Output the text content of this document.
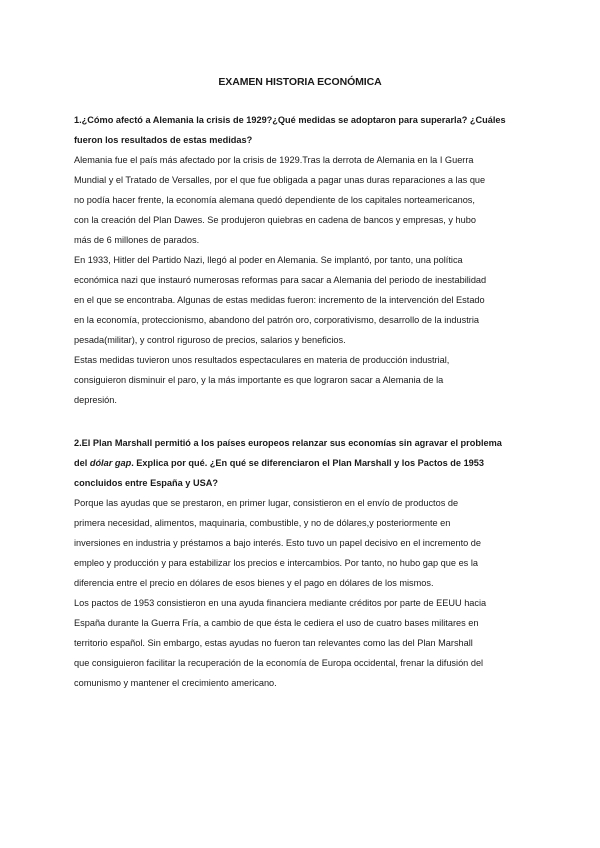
EXAMEN HISTORIA ECONÓMICA
1.¿Cómo afectó a Alemania la crisis de 1929?¿Qué medidas se adoptaron para superarla? ¿Cuáles
fueron los resultados de estas medidas?
Alemania fue el país más afectado por la crisis de 1929.Tras la derrota de Alemania en la I Guerra
Mundial y el Tratado de Versalles, por el que fue obligada a pagar unas duras reparaciones a las que
no podía hacer frente, la economía alemana quedó dependiente de los capitales norteamericanos,
con la creación del Plan Dawes. Se produjeron quiebras en cadena de bancos y empresas, y hubo
más de 6 millones de parados.
En 1933, Hitler del Partido Nazi, llegó al poder en Alemania. Se implantó, por tanto, una política
económica nazi que instauró numerosas reformas para sacar a Alemania del periodo de inestabilidad
en el que se encontraba. Algunas de estas medidas fueron: incremento de la intervención del Estado
en la economía, proteccionismo, abandono del patrón oro, corporativismo, desarrollo de la industria
pesada(militar), y control riguroso de precios, salarios y beneficios.
Estas medidas tuvieron unos resultados espectaculares en materia de producción industrial,
consiguieron disminuir el paro, y la más importante es que lograron sacar a Alemania de la
depresión.
2.El Plan Marshall permitió a los países europeos relanzar sus economías sin agravar el problema
del dólar gap. Explica por qué. ¿En qué se diferenciaron el Plan Marshall y los Pactos de 1953
concluidos entre España y USA?
Porque las ayudas que se prestaron, en primer lugar, consistieron en el envío de productos de
primera necesidad, alimentos, maquinaria, combustible, y no de dólares,y posteriormente en
inversiones en industria y préstamos a bajo interés. Esto tuvo un papel decisivo en el incremento de
empleo y producción y para estabilizar los precios e intercambios. Por tanto, no hubo gap que es la
diferencia entre el precio en dólares de esos bienes y el pago en dólares de los mismos.
Los pactos de 1953 consistieron en una ayuda financiera mediante créditos por parte de EEUU hacia
España durante la Guerra Fría, a cambio de que ésta le cediera el uso de cuatro bases militares en
territorio español. Sin embargo, estas ayudas no fueron tan relevantes como las del Plan Marshall
que consiguieron facilitar la recuperación de la economía de Europa occidental, frenar la difusión del
comunismo y mantener el crecimiento americano.
